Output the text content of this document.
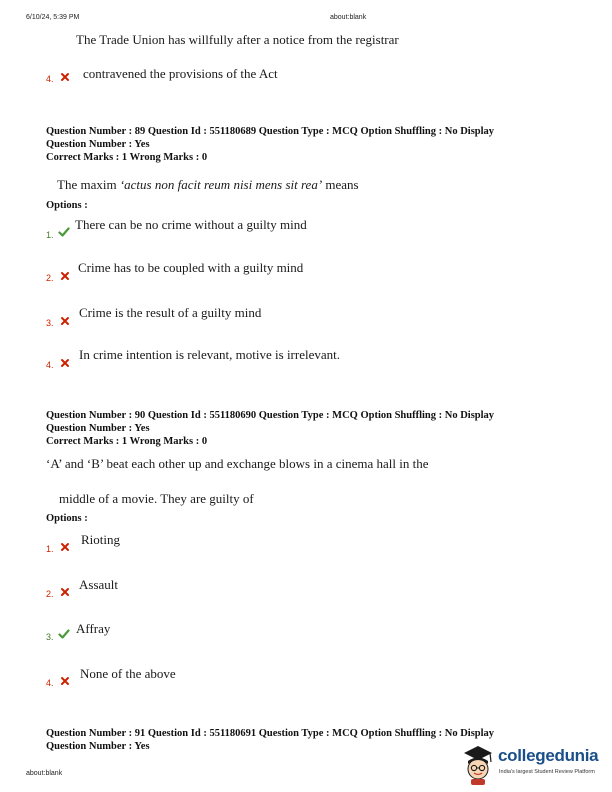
6/10/24, 5:39 PM	about:blank
about:blank
The Trade Union has willfully after a notice from the registrar
4. contravened the provisions of the Act
Question Number : 89 Question Id : 551180689 Question Type : MCQ Option Shuffling : No Display
Question Number : Yes
Correct Marks : 1 Wrong Marks : 0
The maxim ‘actus non facit reum nisi mens sit rea’ means
Options :
1.
There can be no crime without a guilty mind
2.
Crime has to be coupled with a guilty mind
3.
Crime is the result of a guilty mind
4.
In crime intention is relevant, motive is irrelevant.
Question Number : 90 Question Id : 551180690 Question Type : MCQ Option Shuffling : No Display
Question Number : Yes
Correct Marks : 1 Wrong Marks : 0
‘A’ and ‘B’ beat each other up and exchange blows in a cinema hall in the
middle of a movie. They are guilty of
Options :
1.
Rioting
2.
Assault
3.
Affray
4.
None of the above
Question Number : 91 Question Id : 551180691 Question Type : MCQ Option Shuffling : No Display
Question Number : Yes	collegedunia
India's largest Student Review Platform
